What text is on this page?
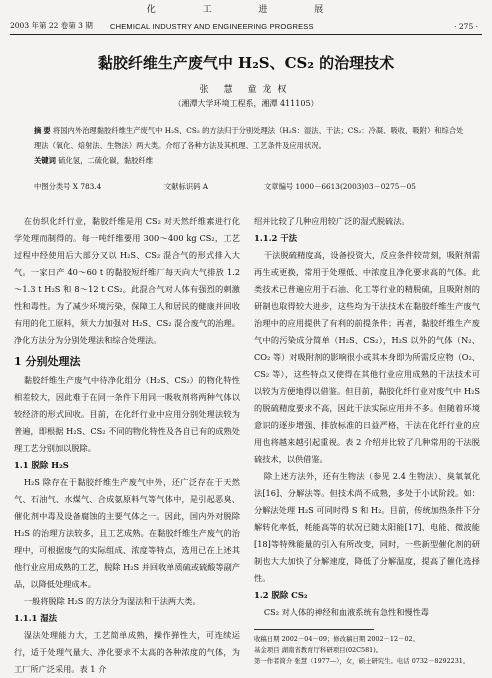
化 工 进 展
2003 年第 22 卷第 3 期 CHEMICAL INDUSTRY AND ENGINEERING PROGRESS	· 275 ·
黏胶纤维生产废气中 H₂S、CS₂ 的治理技术
张 慧 童龙权
（湘潭大学环境工程系，湘潭 411105）
摘 要 将国内外治理黏胶纤维生产废气中 H₂S、CS₂ 的方法归于分别处理法（H₂S：湿法、干法；CS₂：冷凝、吸收、吸附）和综合处理法（氧化、焙射法、生物法）两大类。介绍了各种方法及其机理、工艺条件及应用状况。
关键词 硫化氢，二硫化碳，黏胶纤维
中图分类号 X 783.4	文献标识码 A	文章编号 1000－6613(2003)03－0275－05

在仿织化纤行业，黏胶纤维是用 CS₂ 对天然纤维素进行化学处理而制得的。每一吨纤维要用 300～400 kg CS₂，工艺过程中经使用后大部分又以 H₂S、CS₂ 混合气的形式排入大气。一家日产 40～60 t 的黏胶短纤维厂每天向大气排放 1.2～1.3 t H₂S 和 8～12 t CS₂。此混合气对人体有强烈的刺激性和毒性。为了减少环境污染，保障工人和居民的健康并回收有用的化工原料，须大力加强对 H₂S、CS₂ 混合废气的治理。净化方法分为分别处理法和综合处理法。

1 分别处理法

黏胶纤维生产废气中待净化组分（H₂S、CS₂）的物化特性相差较大，因此难于在同一条件下用同一吸收剂将两种气体以较经济的形式回收。目前，在化纤行业中应用分别处理法较为普遍，即根据 H₂S、CS₂ 不同的物化特性及各自已有的成熟处理工艺分别加以脱除。

1.1 脱除 H₂S

H₂S 除存在于黏胶纤维生产废气中外，还广泛存在于天然气、石油气、水煤气、合成氨原料气等气体中，是引起恶臭、催化剂中毒及设备腐蚀的主要气体之一。因此，国内外对脱除 H₂S 的治理方法较多，且工艺成熟。在黏胶纤维生产废气的治理中，可根据废气的实际组成、浓度等特点，选用已在上述其他行业应用成熟的工艺，脱除 H₂S 并回收单质硫或硫酸等副产品，以降低处理成本。

一般将脱除 H₂S 的方法分为湿法和干法两大类。

1.1.1 湿法

湿法处理能力大，工艺简单成熟，操作弹性大，可连续运行，适于处理气量大、净化要求不太高的各种浓度的气体，为工厂所广泛采用。表 1 介

绍并比较了几种应用较广泛的湿式脱硫法。

1.1.2 干法

干法脱硫精度高，设备投资大，反应条件较苛刻，吸附剂需再生或更换，常用于处理低、中浓度且净化要求高的气体。此类技术已普遍应用于石油、化工等行业的精脱硫，且吸附剂的研制也取得较大进步，这些均为干法技术在黏胶纤维生产废气治理中的应用提供了有利的前提条件；再者，黏胶纤维生产废气中的污染成分简单（H₂S、CS₂），H₂S 以外的气体（N₂、CO₂ 等）对吸附剂的影响很小或其本身即为所需反应物（O₂、CS₂ 等），这些特点又使得在其他行业应用成熟的干法技术可以较为方便地得以借鉴。但目前，黏胶化纤行业对废气中 H₂S 的脱硫精度要求不高，因此干法实际应用并不多。但随着环境意识的逐步增强、排放标准的日益严格，干法在化纤行业的应用也将越来越引起重视。表 2 介绍并比较了几种常用的干法脱硫技术，以供借鉴。

除上述方法外，还有生物法（参见 2.4 生物法）、臭氧氧化法[16]、分解法等。但技术尚不成熟，多处于小试阶段。如：分解法处理 H₂S 可同时得 S 和 H₂。目前，传统加热条件下分解转化率低，耗能高等的状况已随太阳能[17]、电能、微波能[18]等特殊能量的引入有所改变，同时，一些新型催化剂的研制也大大加快了分解速度，降低了分解温度，提高了催化选择性。

1.2 脱除 CS₂

CS₂ 对人体的神经和血液系统有急性和慢性毒

收稿日期 2002－04－09；修改稿日期 2002－12－02。

基金项目 湖南省教育厅科研项目(02C581)。

第一作者简介 张慧（1977—），女，硕士研究生。电话 0732－8292231。
